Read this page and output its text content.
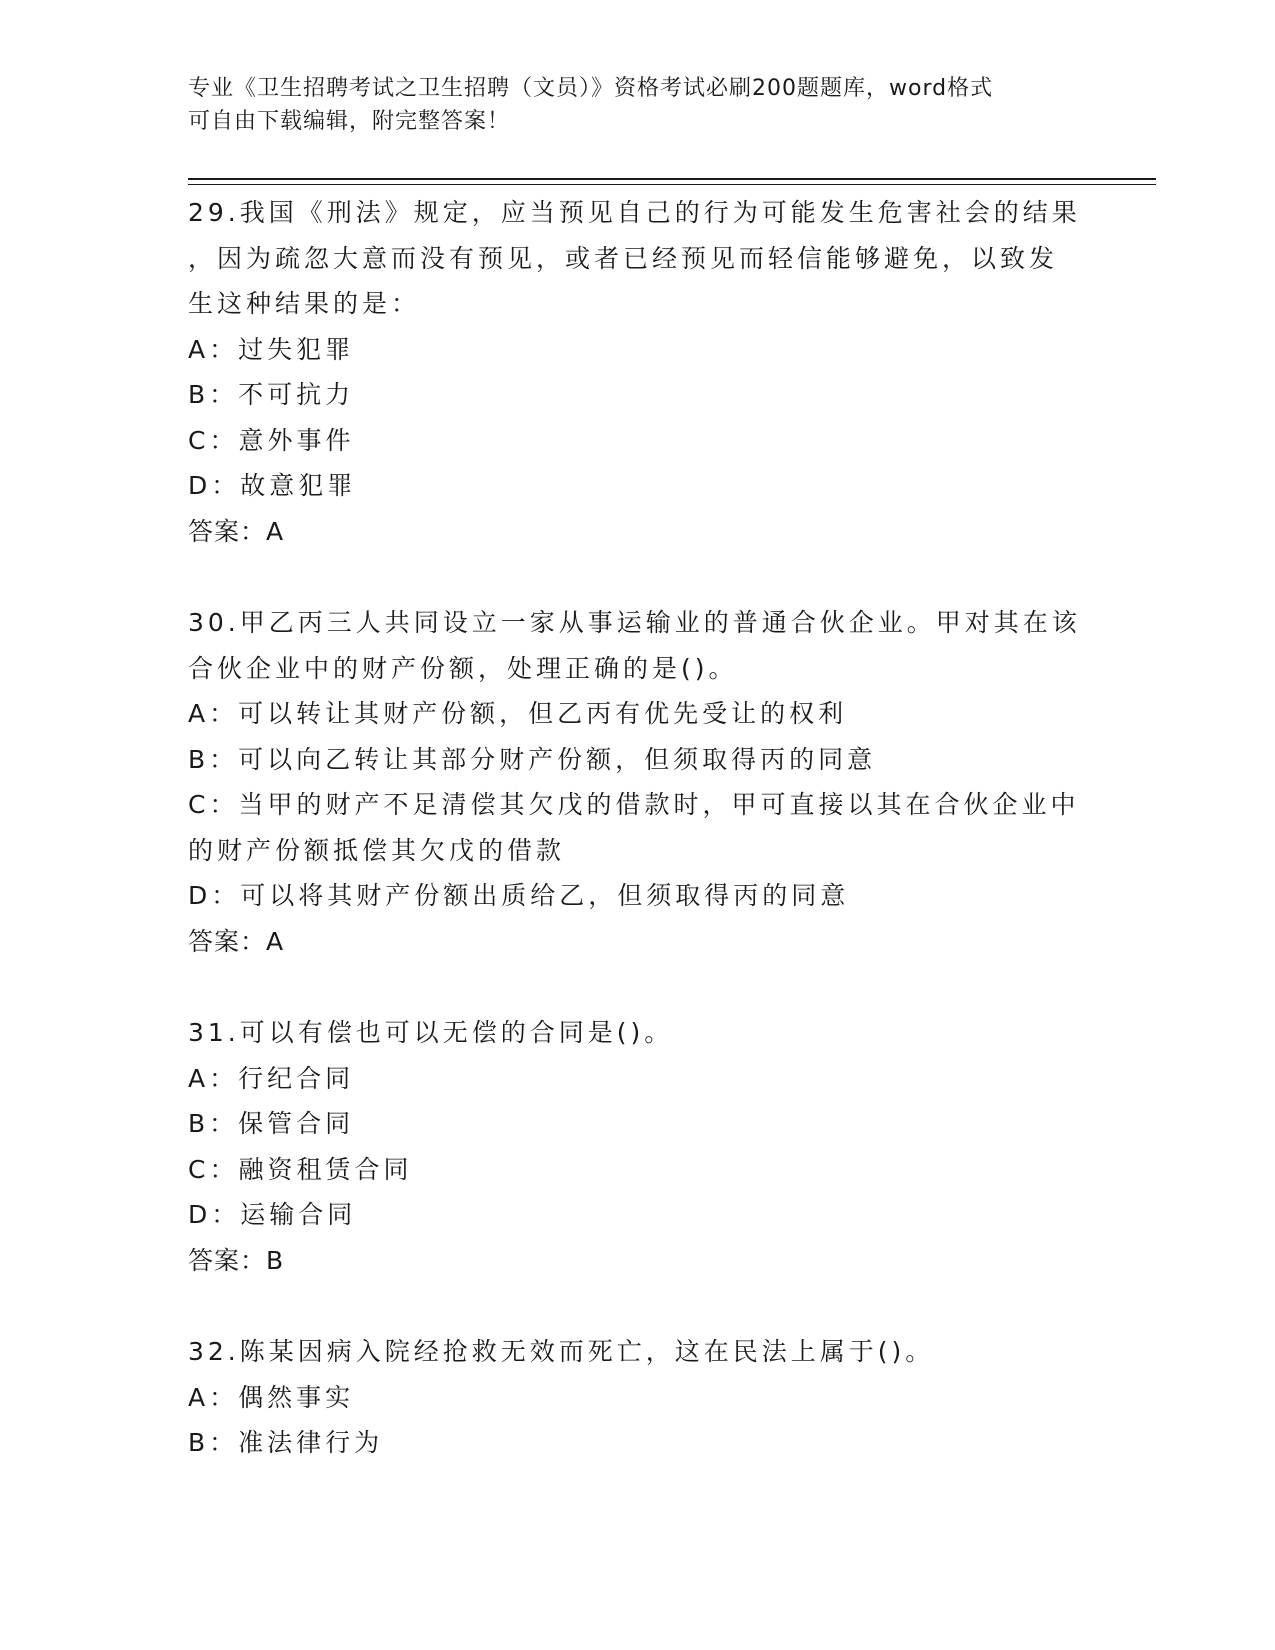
专业《卫生招聘考试之卫生招聘（文员）》资格考试必刷200题题库，word格式
可自由下载编辑，附完整答案！
29.我国《刑法》规定，应当预见自己的行为可能发生危害社会的结果
，因为疏忽大意而没有预见，或者已经预见而轻信能够避免，以致发
生这种结果的是：
A：过失犯罪
B：不可抗力
C：意外事件
D：故意犯罪
答案：A
30.甲乙丙三人共同设立一家从事运输业的普通合伙企业。甲对其在该
合伙企业中的财产份额，处理正确的是()。
A：可以转让其财产份额，但乙丙有优先受让的权利
B：可以向乙转让其部分财产份额，但须取得丙的同意
C：当甲的财产不足清偿其欠戊的借款时，甲可直接以其在合伙企业中
的财产份额抵偿其欠戊的借款
D：可以将其财产份额出质给乙，但须取得丙的同意
答案：A
31.可以有偿也可以无偿的合同是()。
A：行纪合同
B：保管合同
C：融资租赁合同
D：运输合同
答案：B
32.陈某因病入院经抢救无效而死亡，这在民法上属于()。
A：偶然事实
B：准法律行为
